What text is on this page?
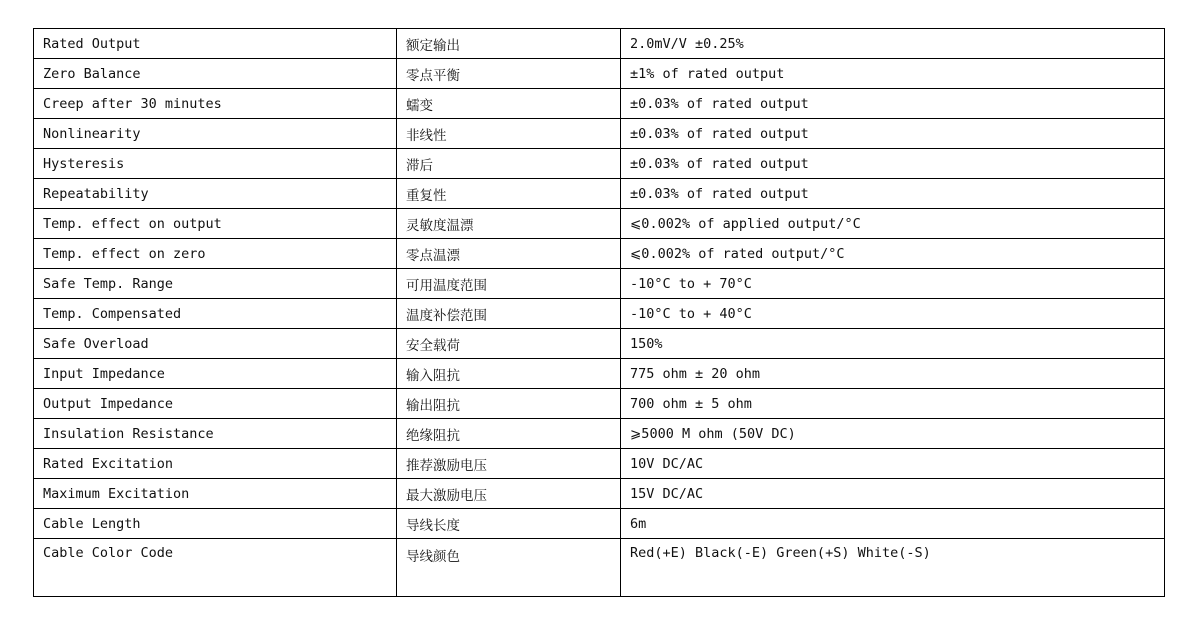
Rated Output	额定输出	2.0mV/V ±0.25%
Zero Balance	零点平衡	±1% of rated output
Creep after 30 minutes	蠕变	±0.03% of rated output
Nonlinearity	非线性	±0.03% of rated output
Hysteresis	滞后	±0.03% of rated output
Repeatability	重复性	±0.03% of rated output
Temp. effect on output	灵敏度温漂	⩽0.002% of applied output/°C
Temp. effect on zero	零点温漂	⩽0.002% of rated output/°C
Safe Temp. Range	可用温度范围	-10°C to + 70°C
Temp. Compensated	温度补偿范围	-10°C to + 40°C
Safe Overload	安全载荷	150%
Input Impedance	输入阻抗	775 ohm ± 20 ohm
Output Impedance	输出阻抗	700 ohm ± 5 ohm
Insulation Resistance	绝缘阻抗	⩾5000 M ohm (50V DC)
Rated Excitation	推荐激励电压	10V DC/AC
Maximum Excitation	最大激励电压	15V DC/AC
Cable Length	导线长度	6m
Cable Color Code	导线颜色	Red(+E) Black(-E) Green(+S) White(-S)
